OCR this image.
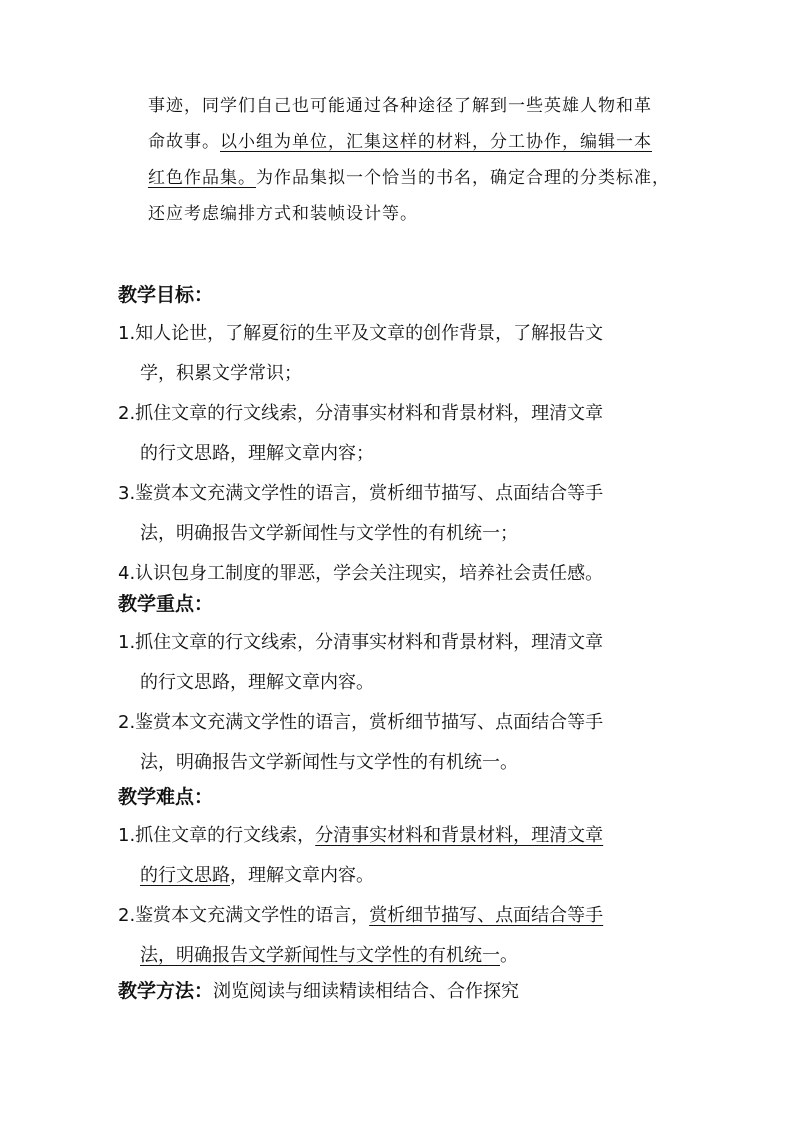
事迹，同学们自己也可能通过各种途径了解到一些英雄人物和革
命故事。以小组为单位，汇集这样的材料，分工协作，编辑一本
红色作品集。为作品集拟一个恰当的书名，确定合理的分类标准，
还应考虑编排方式和装帧设计等。
教学目标：
1.知人论世，了解夏衍的生平及文章的创作背景，了解报告文
学，积累文学常识；
2.抓住文章的行文线索，分清事实材料和背景材料，理清文章
的行文思路，理解文章内容；
3.鉴赏本文充满文学性的语言，赏析细节描写、点面结合等手
法，明确报告文学新闻性与文学性的有机统一；
4.认识包身工制度的罪恶，学会关注现实，培养社会责任感。
教学重点：
1.抓住文章的行文线索，分清事实材料和背景材料，理清文章
的行文思路，理解文章内容。
2.鉴赏本文充满文学性的语言，赏析细节描写、点面结合等手
法，明确报告文学新闻性与文学性的有机统一。
教学难点：
1.抓住文章的行文线索，分清事实材料和背景材料，理清文章
的行文思路，理解文章内容。
2.鉴赏本文充满文学性的语言，赏析细节描写、点面结合等手
法，明确报告文学新闻性与文学性的有机统一。
教学方法：浏览阅读与细读精读相结合、合作探究
